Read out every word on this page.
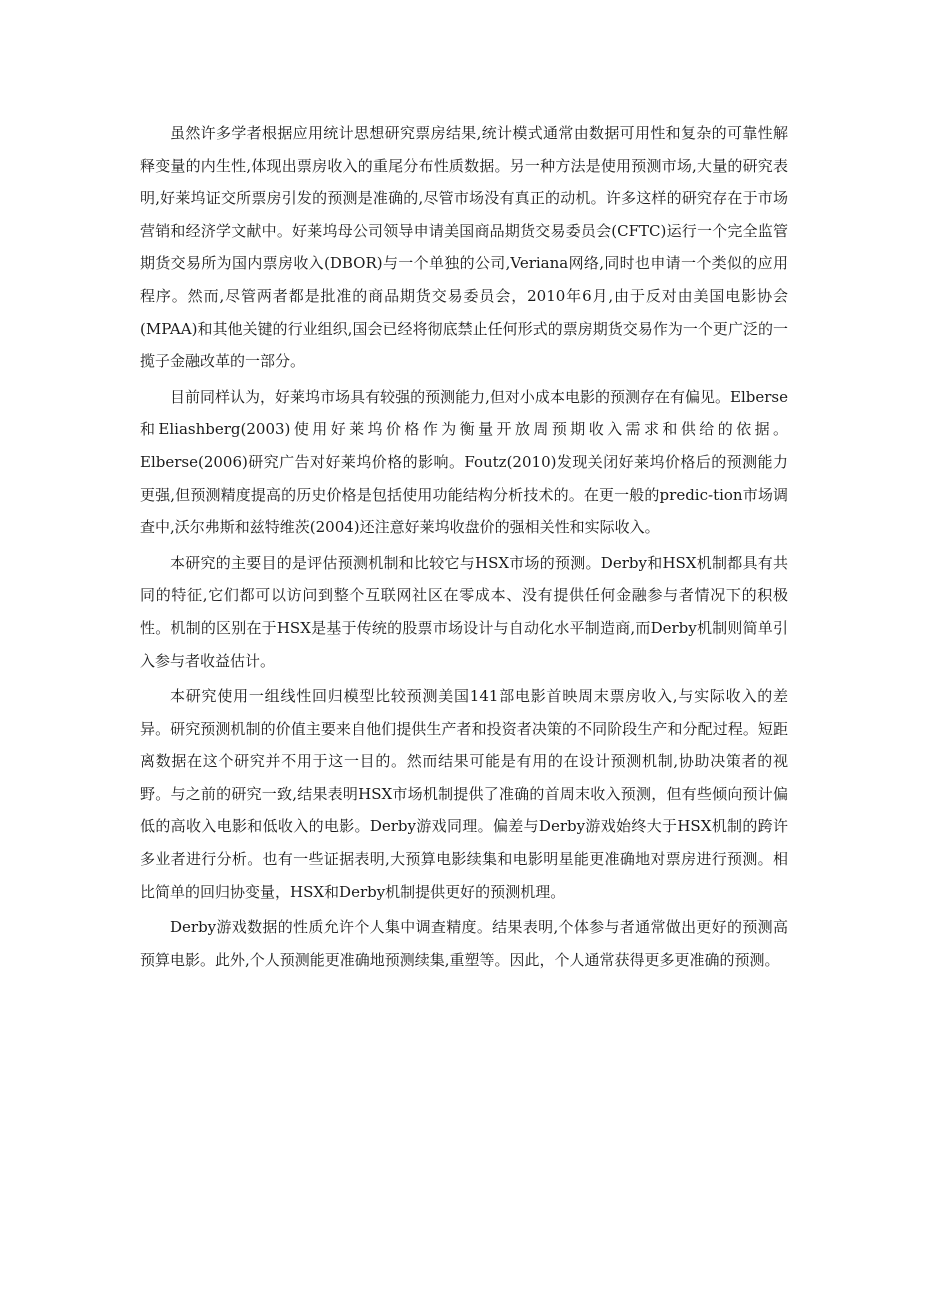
虽然许多学者根据应用统计思想研究票房结果,统计模式通常由数据可用性和复杂的可靠性解释变量的内生性,体现出票房收入的重尾分布性质数据。另一种方法是使用预测市场,大量的研究表明,好莱坞证交所票房引发的预测是准确的,尽管市场没有真正的动机。许多这样的研究存在于市场营销和经济学文献中。好莱坞母公司领导申请美国商品期货交易委员会(CFTC)运行一个完全监管期货交易所为国内票房收入(DBOR)与一个单独的公司,Veriana网络,同时也申请一个类似的应用程序。然而,尽管两者都是批准的商品期货交易委员会，2010年6月,由于反对由美国电影协会(MPAA)和其他关键的行业组织,国会已经将彻底禁止任何形式的票房期货交易作为一个更广泛的一揽子金融改革的一部分。

目前同样认为，好莱坞市场具有较强的预测能力,但对小成本电影的预测存在有偏见。Elberse和Eliashberg(2003)使用好莱坞价格作为衡量开放周预期收入需求和供给的依据。Elberse(2006)研究广告对好莱坞价格的影响。Foutz(2010)发现关闭好莱坞价格后的预测能力更强,但预测精度提高的历史价格是包括使用功能结构分析技术的。在更一般的predic-tion市场调查中,沃尔弗斯和兹特维茨(2004)还注意好莱坞收盘价的强相关性和实际收入。

本研究的主要目的是评估预测机制和比较它与HSX市场的预测。Derby和HSX机制都具有共同的特征,它们都可以访问到整个互联网社区在零成本、没有提供任何金融参与者情况下的积极性。机制的区别在于HSX是基于传统的股票市场设计与自动化水平制造商,而Derby机制则简单引入参与者收益估计。

本研究使用一组线性回归模型比较预测美国141部电影首映周末票房收入,与实际收入的差异。研究预测机制的价值主要来自他们提供生产者和投资者决策的不同阶段生产和分配过程。短距离数据在这个研究并不用于这一目的。然而结果可能是有用的在设计预测机制,协助决策者的视野。与之前的研究一致,结果表明HSX市场机制提供了准确的首周末收入预测，但有些倾向预计偏低的高收入电影和低收入的电影。Derby游戏同理。偏差与Derby游戏始终大于HSX机制的跨许多业者进行分析。也有一些证据表明,大预算电影续集和电影明星能更准确地对票房进行预测。相比简单的回归协变量，HSX和Derby机制提供更好的预测机理。

Derby游戏数据的性质允许个人集中调查精度。结果表明,个体参与者通常做出更好的预测高预算电影。此外,个人预测能更准确地预测续集,重塑等。因此，个人通常获得更多更准确的预测。
